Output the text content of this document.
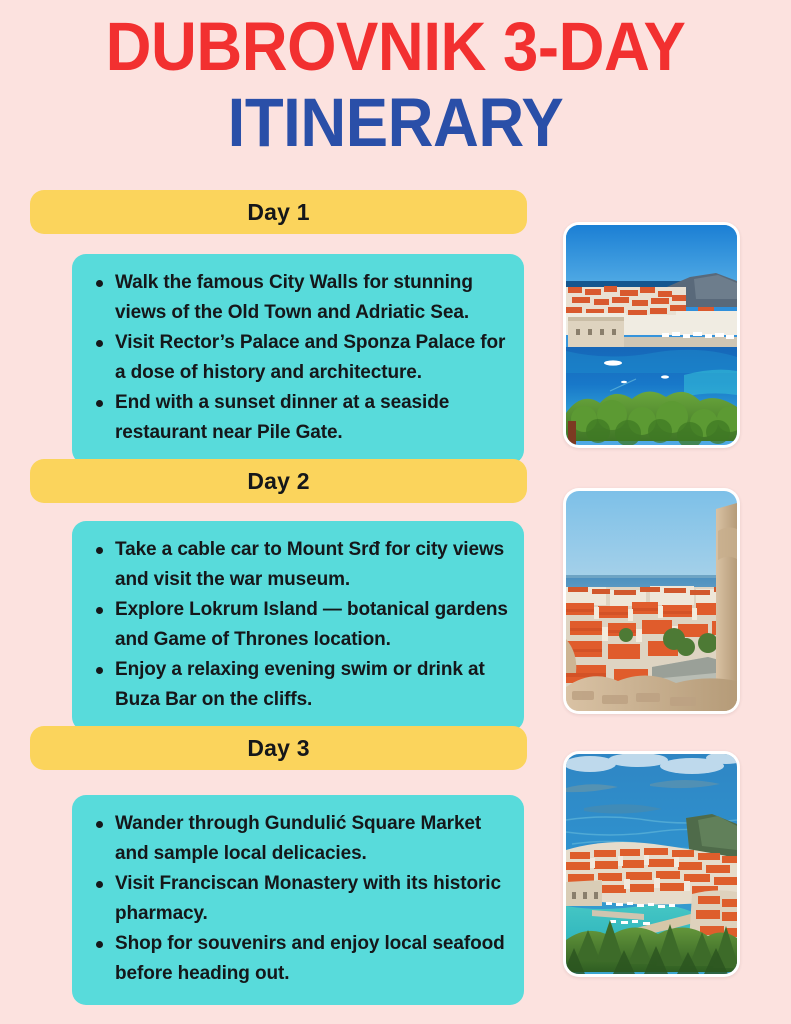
DUBROVNIK 3-DAY
ITINERARY
Day 1
Walk the famous City Walls for stunning views of the Old Town and Adriatic Sea.
Visit Rector’s Palace and Sponza Palace for a dose of history and architecture.
End with a sunset dinner at a seaside restaurant near Pile Gate.
Day 2
Take a cable car to Mount Srđ for city views and visit the war museum.
Explore Lokrum Island — botanical gardens and Game of Thrones location.
Enjoy a relaxing evening swim or drink at Buza Bar on the cliffs.
Day 3
Wander through Gundulić Square Market and sample local delicacies.
Visit Franciscan Monastery with its historic pharmacy.
Shop for souvenirs and enjoy local seafood before heading out.
